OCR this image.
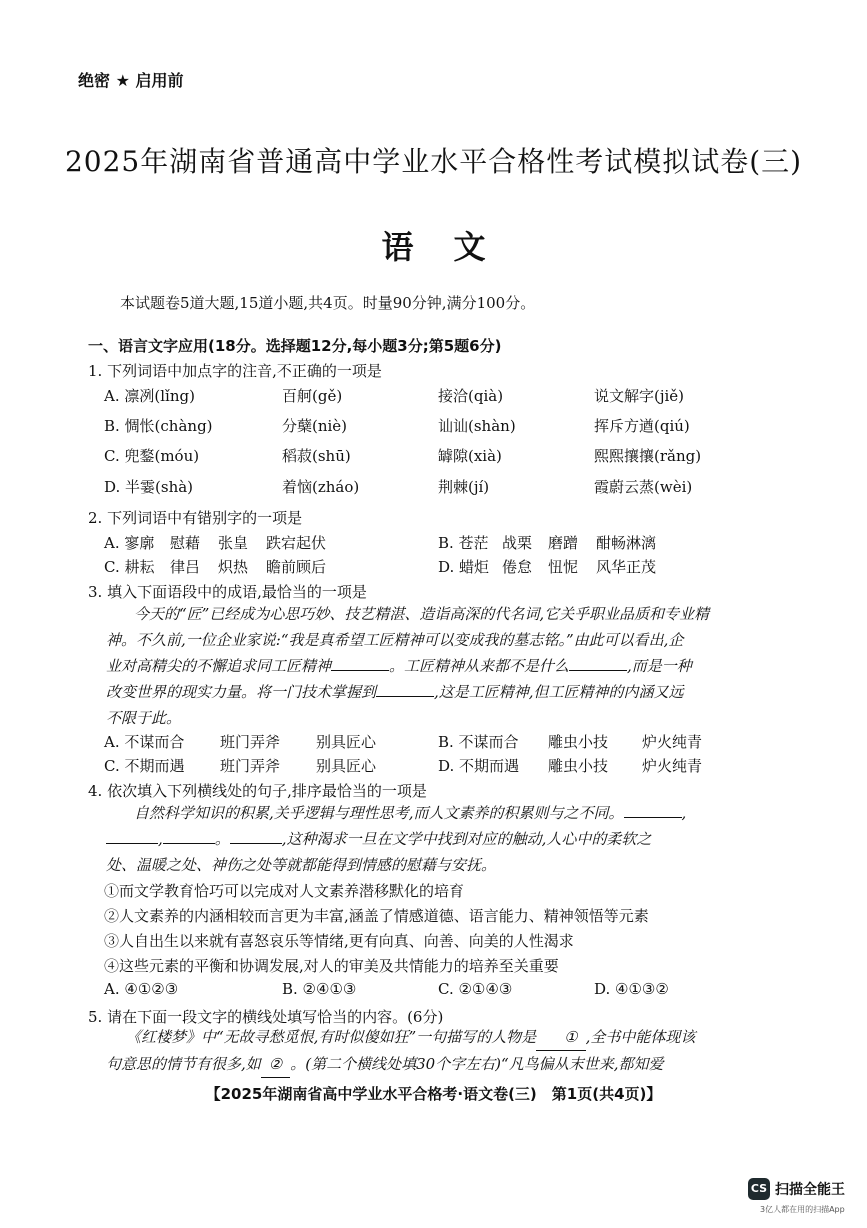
绝密 ★ 启用前
2025年湖南省普通高中学业水平合格性考试模拟试卷(三)
语文
本试题卷5道大题,15道小题,共4页。时量90分钟,满分100分。
一、语言文字应用(18分。选择题12分,每小题3分;第5题6分)
1. 下列词语中加点字的注音,不正确的一项是
A. 凛冽(lǐng)	百舸(gě)	接洽(qià)	说文解字(jiě)
B. 惆怅(chàng)	分蘖(niè)	讪讪(shàn)	挥斥方遒(qiú)
C. 兜鍪(móu)	稻菽(shū)	罅隙(xià)	熙熙攘攘(rǎng)
D. 半霎(shà)	着恼(zháo)	荆棘(jí)	霞蔚云蒸(wèi)
2. 下列词语中有错别字的一项是
A. 寥廓 慰藉 张皇 跌宕起伏	B. 苍茫 战栗 磨蹭 酣畅淋漓
C. 耕耘 律吕 炽热 瞻前顾后	D. 蜡炬 倦怠 忸怩 风华正茂
3. 填入下面语段中的成语,最恰当的一项是

今天的“匠”已经成为心思巧妙、技艺精湛、造诣高深的代名词,它关乎职业品质和专业精

神。不久前,一位企业家说:“我是真希望工匠精神可以变成我的墓志铭。”由此可以看出,企

业对高精尖的不懈追求同工匠精神	。工匠精神从来都不是什么	,而是一种

改变世界的现实力量。将一门技术掌握到	,这是工匠精神,但工匠精神的内涵又远

不限于此。

A. 不谋而合 班门弄斧 别具匠心	B. 不谋而合 雕虫小技 炉火纯青
C. 不期而遇 班门弄斧 别具匠心	D. 不期而遇 雕虫小技 炉火纯青
4. 依次填入下列横线处的句子,排序最恰当的一项是

自然科学知识的积累,关乎逻辑与理性思考,而人文素养的积累则与之不同。	,

,	。	,这种渴求一旦在文学中找到对应的触动,人心中的柔软之

处、温暖之处、神伤之处等就都能得到情感的慰藉与安抚。

①而文学教育恰巧可以完成对人文素养潜移默化的培育
②人文素养的内涵相较而言更为丰富,涵盖了情感道德、语言能力、精神领悟等元素
③人自出生以来就有喜怒哀乐等情绪,更有向真、向善、向美的人性渴求
④这些元素的平衡和协调发展,对人的审美及共情能力的培养至关重要
A. ④①②③	B. ②④①③	C. ②①④③	D. ④①③②
5. 请在下面一段文字的横线处填写恰当的内容。(6分)

《红楼梦》中“无故寻愁觅恨,有时似傻如狂”一句描写的人物是 ① ,全书中能体现该

句意思的情节有很多,如 ② 。(第二个横线处填30个字左右)“凡鸟偏从末世来,都知爱

【2025年湖南省高中学业水平合格考·语文卷(三)　第1页(共4页)】
CS 扫描全能王
3亿人都在用的扫描App
